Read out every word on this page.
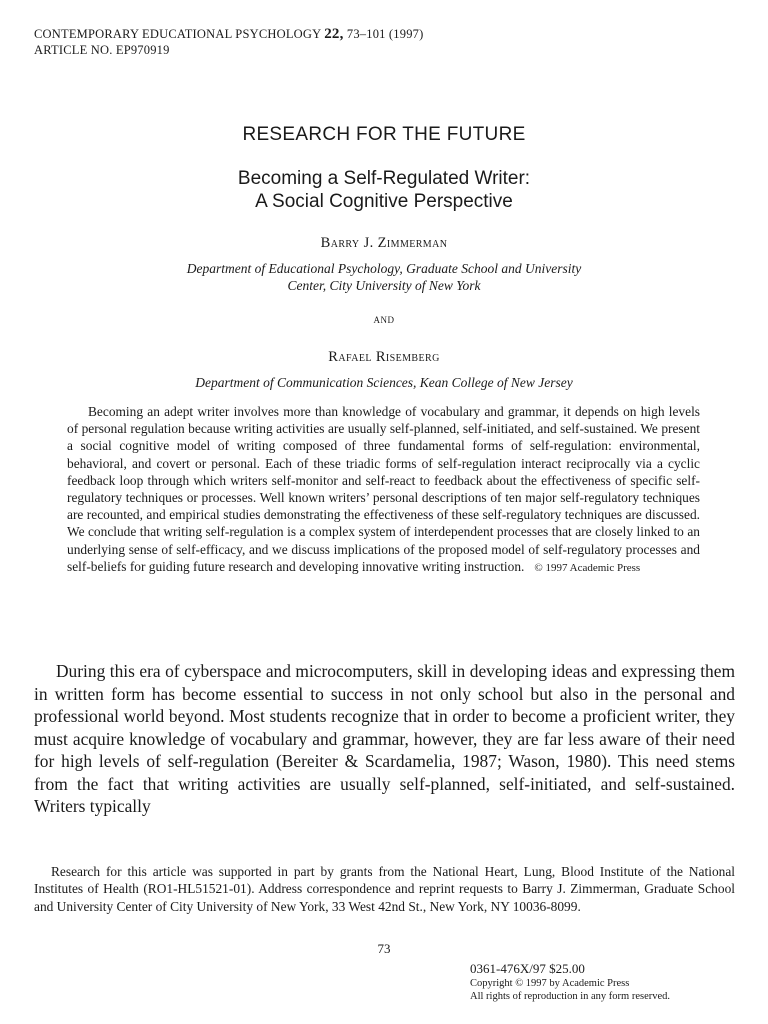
CONTEMPORARY EDUCATIONAL PSYCHOLOGY 22, 73–101 (1997)
ARTICLE NO. EP970919
RESEARCH FOR THE FUTURE
Becoming a Self-Regulated Writer:
A Social Cognitive Perspective
Barry J. Zimmerman
Department of Educational Psychology, Graduate School and University
Center, City University of New York
and
Rafael Risemberg
Department of Communication Sciences, Kean College of New Jersey

Becoming an adept writer involves more than knowledge of vocabulary and grammar, it depends on high levels of personal regulation because writing activities are usually self-planned, self-initiated, and self-sustained. We present a social cognitive model of writing composed of three fundamental forms of self-regulation: environmental, behavioral, and covert or personal. Each of these triadic forms of self-regulation interact reciprocally via a cyclic feedback loop through which writers self-monitor and self-react to feedback about the effectiveness of specific self-regulatory techniques or processes. Well known writers’ personal descriptions of ten major self-regulatory techniques are recounted, and empirical studies demonstrating the effectiveness of these self-regulatory techniques are discussed. We conclude that writing self-regulation is a complex system of interdependent processes that are closely linked to an underlying sense of self-efficacy, and we discuss implications of the proposed model of self-regulatory processes and self-beliefs for guiding future research and developing innovative writing instruction. © 1997 Academic Press

During this era of cyberspace and microcomputers, skill in developing ideas and expressing them in written form has become essential to success in not only school but also in the personal and professional world beyond. Most students recognize that in order to become a proficient writer, they must acquire knowledge of vocabulary and grammar, however, they are far less aware of their need for high levels of self-regulation (Bereiter & Scardamelia, 1987; Wason, 1980). This need stems from the fact that writing activities are usually self-planned, self-initiated, and self-sustained. Writers typically

Research for this article was supported in part by grants from the National Heart, Lung, Blood Institute of the National Institutes of Health (RO1-HL51521-01). Address correspondence and reprint requests to Barry J. Zimmerman, Graduate School and University Center of City University of New York, 33 West 42nd St., New York, NY 10036-8099.

73
0361-476X/97 $25.00
Copyright © 1997 by Academic Press
All rights of reproduction in any form reserved.
